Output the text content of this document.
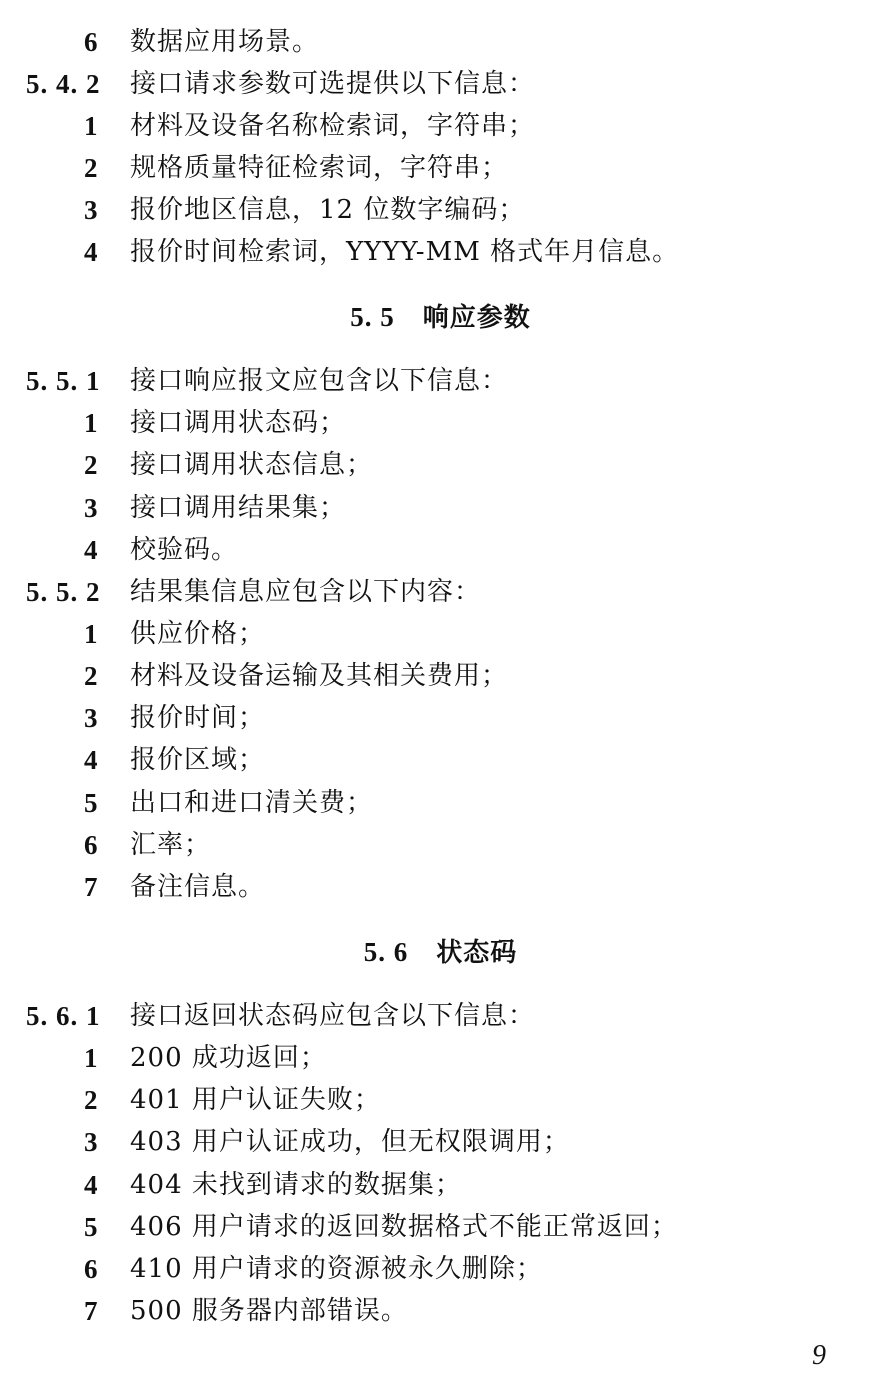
6 数据应用场景。
5. 4. 2 接口请求参数可选提供以下信息：
1 材料及设备名称检索词，字符串；
2 规格质量特征检索词，字符串；
3 报价地区信息，12 位数字编码；
4 报价时间检索词，YYYY-MM 格式年月信息。
5. 5 响应参数
5. 5. 1 接口响应报文应包含以下信息：
1 接口调用状态码；
2 接口调用状态信息；
3 接口调用结果集；
4 校验码。
5. 5. 2 结果集信息应包含以下内容：
1 供应价格；
2 材料及设备运输及其相关费用；
3 报价时间；
4 报价区域；
5 出口和进口清关费；
6 汇率；
7 备注信息。
5. 6 状态码
5. 6. 1 接口返回状态码应包含以下信息：
1 200 成功返回；
2 401 用户认证失败；
3 403 用户认证成功，但无权限调用；
4 404 未找到请求的数据集；
5 406 用户请求的返回数据格式不能正常返回；
6 410 用户请求的资源被永久删除；
7 500 服务器内部错误。
9
